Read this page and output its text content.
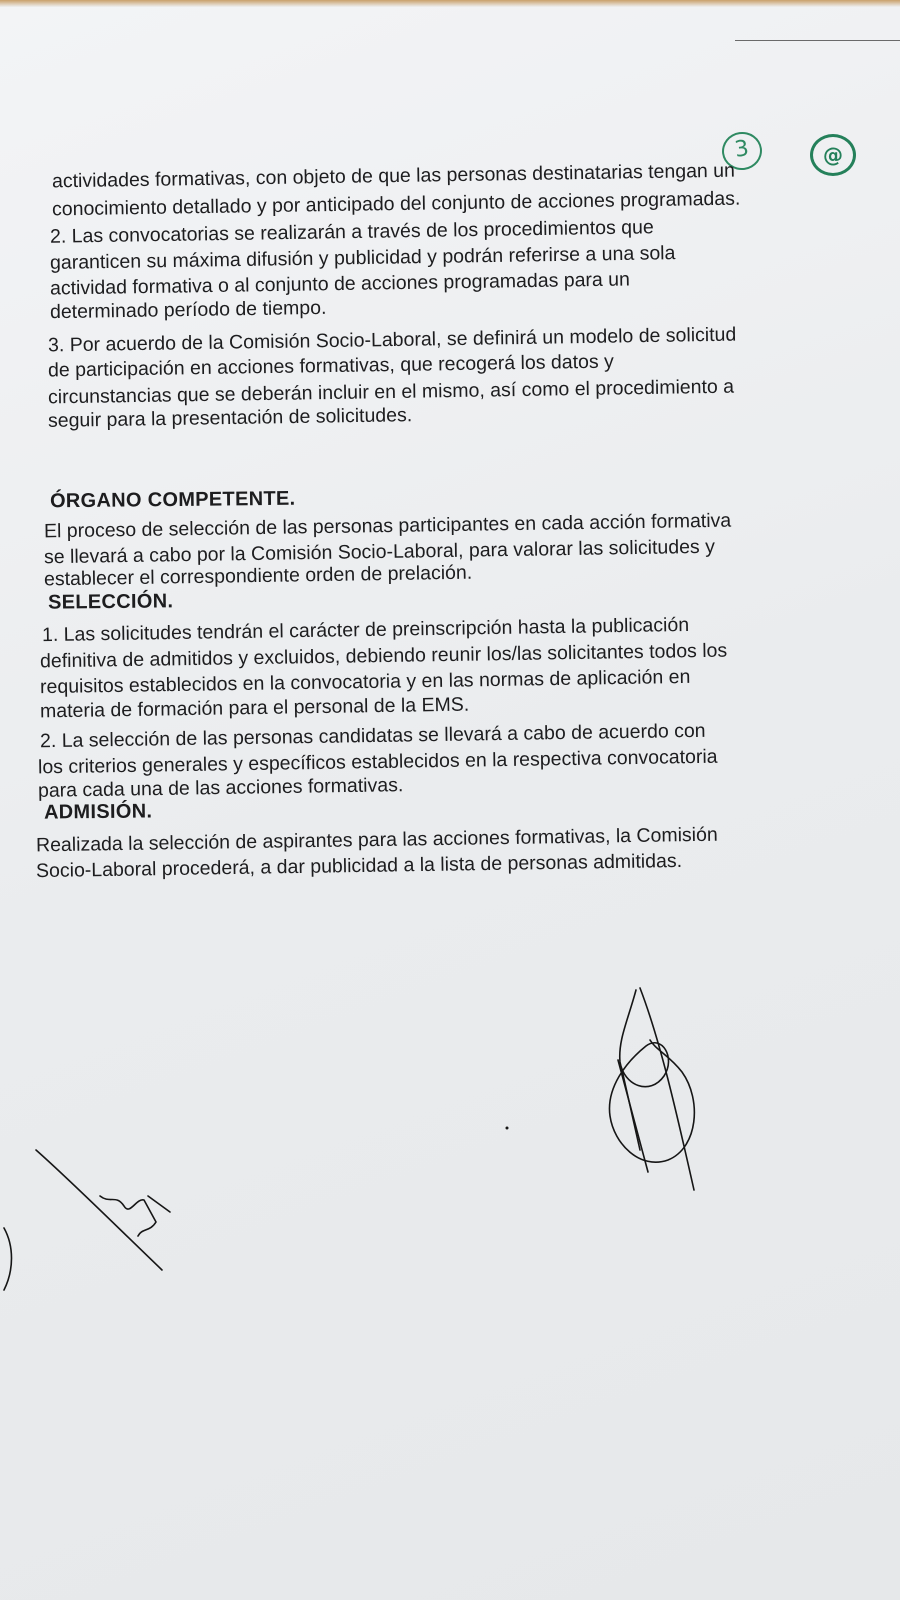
3	@
actividades formativas, con objeto de que las personas destinatarias tengan un
conocimiento detallado y por anticipado del conjunto de acciones programadas.
2. Las convocatorias se realizarán a través de los procedimientos que
garanticen su máxima difusión y publicidad y podrán referirse a una sola
actividad formativa o al conjunto de acciones programadas para un
determinado período de tiempo.
3. Por acuerdo de la Comisión Socio-Laboral, se definirá un modelo de solicitud
de participación en acciones formativas, que recogerá los datos y
circunstancias que se deberán incluir en el mismo, así como el procedimiento a
seguir para la presentación de solicitudes.
ÓRGANO COMPETENTE.
El proceso de selección de las personas participantes en cada acción formativa
se llevará a cabo por la Comisión Socio-Laboral, para valorar las solicitudes y
establecer el correspondiente orden de prelación.
SELECCIÓN.
1. Las solicitudes tendrán el carácter de preinscripción hasta la publicación
definitiva de admitidos y excluidos, debiendo reunir los/las solicitantes todos los
requisitos establecidos en la convocatoria y en las normas de aplicación en
materia de formación para el personal de la EMS.
2. La selección de las personas candidatas se llevará a cabo de acuerdo con
los criterios generales y específicos establecidos en la respectiva convocatoria
para cada una de las acciones formativas.
ADMISIÓN.
Realizada la selección de aspirantes para las acciones formativas, la Comisión
Socio-Laboral procederá, a dar publicidad a la lista de personas admitidas.
